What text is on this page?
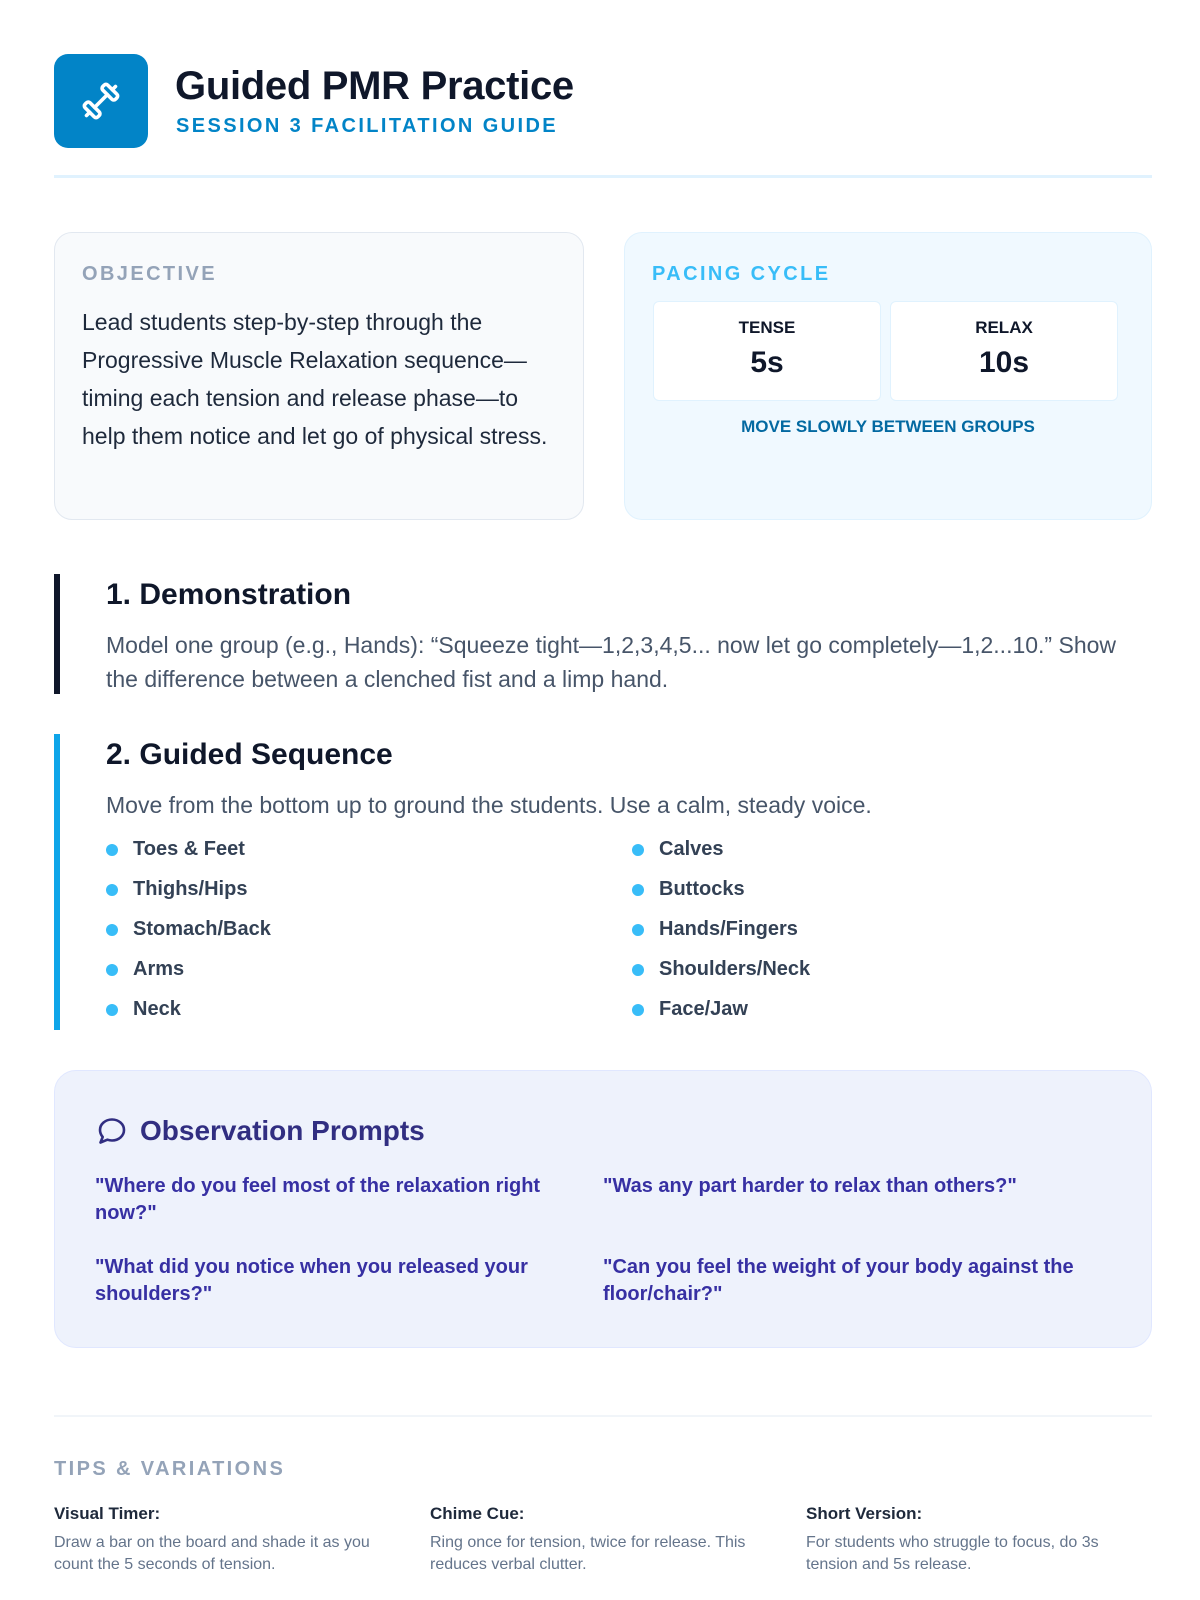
Guided PMR Practice
SESSION 3 FACILITATION GUIDE
OBJECTIVE
Lead students step-by-step through the Progressive Muscle Relaxation sequence—timing each tension and release phase—to help them notice and let go of physical stress.
PACING CYCLE
TENSE
5s
RELAX
10s
MOVE SLOWLY BETWEEN GROUPS
1. Demonstration
Model one group (e.g., Hands): “Squeeze tight—1,2,3,4,5... now let go completely—1,2...10.” Show the difference between a clenched fist and a limp hand.
2. Guided Sequence
Move from the bottom up to ground the students. Use a calm, steady voice.
Toes & Feet	Calves
Thighs/Hips	Buttocks
Stomach/Back	Hands/Fingers
Arms	Shoulders/Neck
Neck	Face/Jaw
Observation Prompts
"Where do you feel most of the relaxation right now?"
"Was any part harder to relax than others?"
"What did you notice when you released your shoulders?"
"Can you feel the weight of your body against the floor/chair?"
TIPS & VARIATIONS
Visual Timer:
Draw a bar on the board and shade it as you count the 5 seconds of tension.
Chime Cue:
Ring once for tension, twice for release. This reduces verbal clutter.
Short Version:
For students who struggle to focus, do 3s tension and 5s release.
